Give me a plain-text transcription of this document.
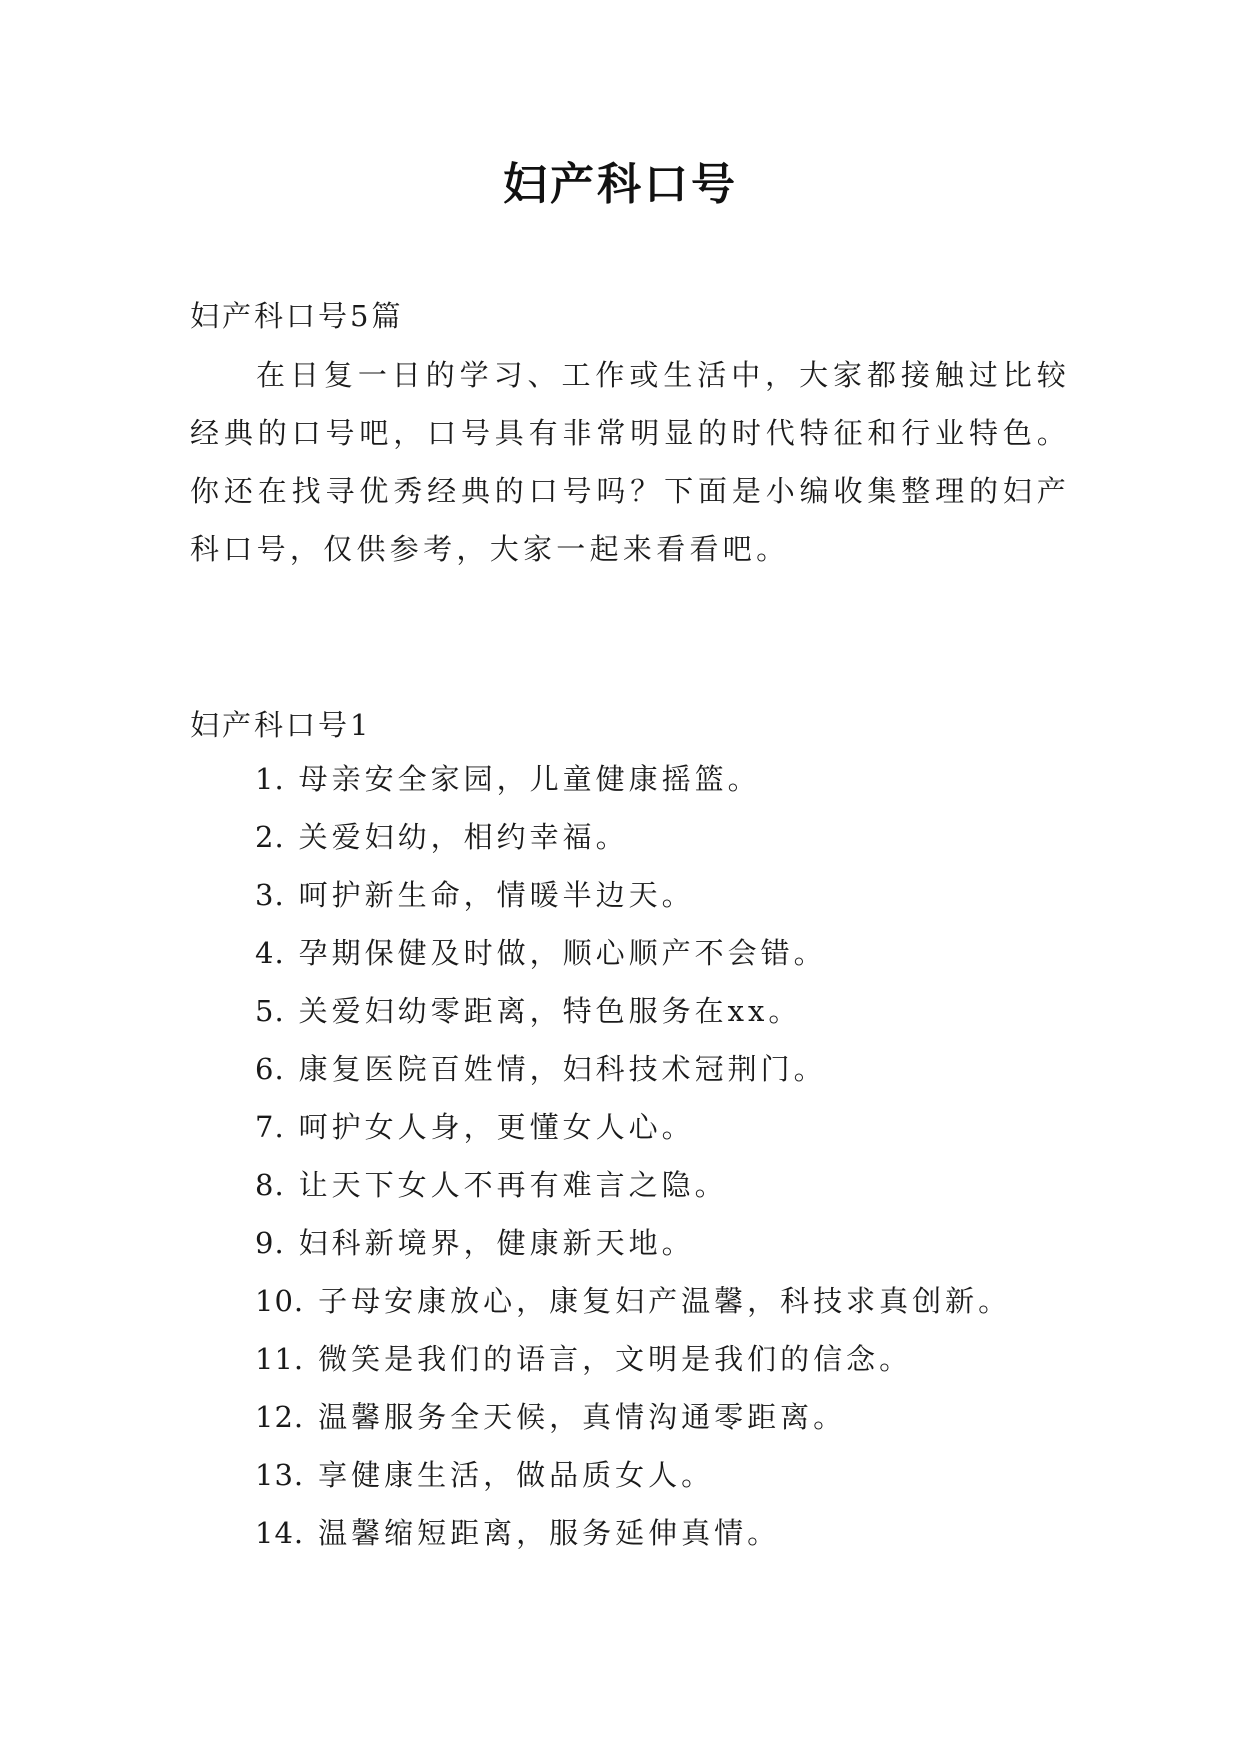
妇产科口号

妇产科口号5篇

在日复一日的学习、工作或生活中，大家都接触过比较经典的口号吧，口号具有非常明显的时代特征和行业特色。你还在找寻优秀经典的口号吗？下面是小编收集整理的妇产科口号，仅供参考，大家一起来看看吧。

妇产科口号1

1. 母亲安全家园，儿童健康摇篮。
2. 关爱妇幼，相约幸福。
3. 呵护新生命，情暖半边天。
4. 孕期保健及时做，顺心顺产不会错。
5. 关爱妇幼零距离，特色服务在xx。
6. 康复医院百姓情，妇科技术冠荆门。
7. 呵护女人身，更懂女人心。
8. 让天下女人不再有难言之隐。
9. 妇科新境界，健康新天地。
10. 子母安康放心，康复妇产温馨，科技求真创新。
11. 微笑是我们的语言，文明是我们的信念。
12. 温馨服务全天候，真情沟通零距离。
13. 享健康生活，做品质女人。
14. 温馨缩短距离，服务延伸真情。
